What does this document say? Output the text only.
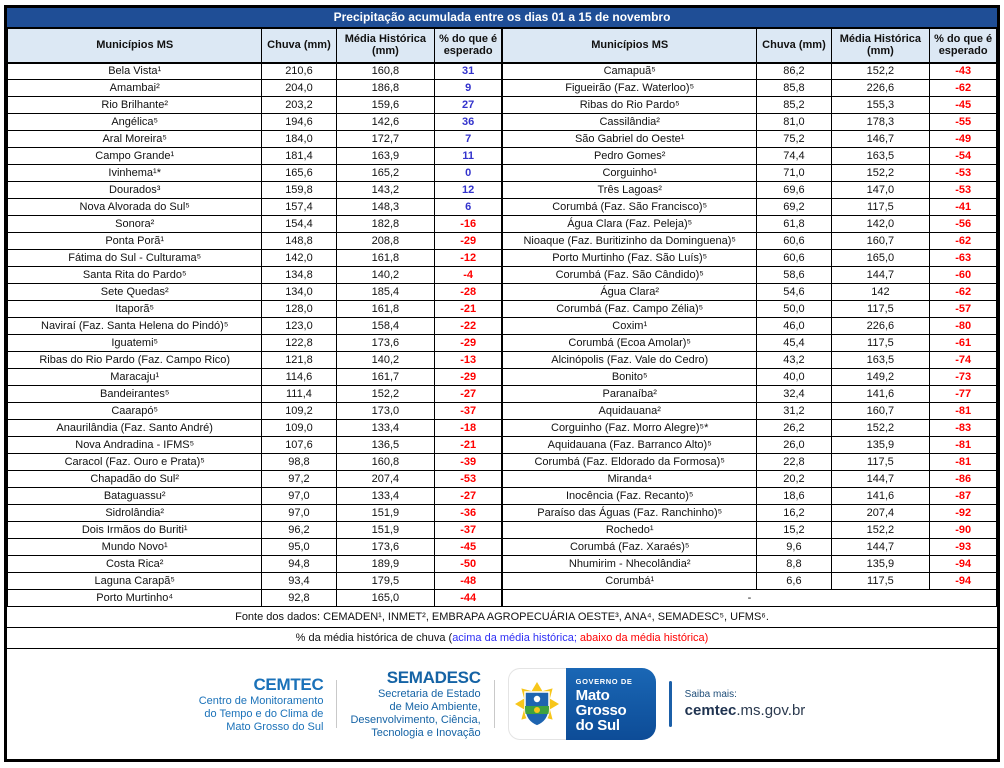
Precipitação acumulada entre os dias 01 a 15 de novembro
Municípios MS	Chuva (mm)	Média Histórica (mm)	% do que é esperado
Bela Vista¹	210,6	160,8	31
Amambai²	204,0	186,8	9
Rio Brilhante²	203,2	159,6	27
Angélica⁵	194,6	142,6	36
Aral Moreira⁵	184,0	172,7	7
Campo Grande¹	181,4	163,9	11
Ivinhema¹*	165,6	165,2	0
Dourados³	159,8	143,2	12
Nova Alvorada do Sul⁵	157,4	148,3	6
Sonora²	154,4	182,8	-16
Ponta Porã¹	148,8	208,8	-29
Fátima do Sul - Culturama⁵	142,0	161,8	-12
Santa Rita do Pardo⁵	134,8	140,2	-4
Sete Quedas²	134,0	185,4	-28
Itaporã⁵	128,0	161,8	-21
Naviraí (Faz. Santa Helena do Pindó)⁵	123,0	158,4	-22
Iguatemi⁵	122,8	173,6	-29
Ribas do Rio Pardo (Faz. Campo Rico)	121,8	140,2	-13
Maracaju¹	114,6	161,7	-29
Bandeirantes⁵	111,4	152,2	-27
Caarapó⁵	109,2	173,0	-37
Anaurilândia (Faz. Santo André)	109,0	133,4	-18
Nova Andradina - IFMS⁵	107,6	136,5	-21
Caracol (Faz. Ouro e Prata)⁵	98,8	160,8	-39
Chapadão do Sul²	97,2	207,4	-53
Bataguassu²	97,0	133,4	-27
Sidrolândia²	97,0	151,9	-36
Dois Irmãos do Buriti¹	96,2	151,9	-37
Mundo Novo¹	95,0	173,6	-45
Costa Rica²	94,8	189,9	-50
Laguna Carapã⁵	93,4	179,5	-48
Porto Murtinho⁴	92,8	165,0	-44
Municípios MS	Chuva (mm)	Média Histórica (mm)	% do que é esperado
Camapuã⁵	86,2	152,2	-43
Figueirão (Faz. Waterloo)⁵	85,8	226,6	-62
Ribas do Rio Pardo⁵	85,2	155,3	-45
Cassilândia²	81,0	178,3	-55
São Gabriel do Oeste¹	75,2	146,7	-49
Pedro Gomes²	74,4	163,5	-54
Corguinho¹	71,0	152,2	-53
Três Lagoas²	69,6	147,0	-53
Corumbá (Faz. São Francisco)⁵	69,2	117,5	-41
Água Clara (Faz. Peleja)⁵	61,8	142,0	-56
Nioaque (Faz. Buritizinho da Dominguena)⁵	60,6	160,7	-62
Porto Murtinho (Faz. São Luís)⁵	60,6	165,0	-63
Corumbá (Faz. São Cândido)⁵	58,6	144,7	-60
Água Clara²	54,6	142	-62
Corumbá (Faz. Campo Zélia)⁵	50,0	117,5	-57
Coxim¹	46,0	226,6	-80
Corumbá (Ecoa Amolar)⁵	45,4	117,5	-61
Alcinópolis (Faz. Vale do Cedro)	43,2	163,5	-74
Bonito⁵	40,0	149,2	-73
Paranaíba²	32,4	141,6	-77
Aquidauana²	31,2	160,7	-81
Corguinho (Faz. Morro Alegre)⁵*	26,2	152,2	-83
Aquidauana (Faz. Barranco Alto)⁵	26,0	135,9	-81
Corumbá (Faz. Eldorado da Formosa)⁵	22,8	117,5	-81
Miranda⁴	20,2	144,7	-86
Inocência (Faz. Recanto)⁵	18,6	141,6	-87
Paraíso das Águas (Faz. Ranchinho)⁵	16,2	207,4	-92
Rochedo¹	15,2	152,2	-90
Corumbá (Faz. Xaraés)⁵	9,6	144,7	-93
Nhumirim - Nhecolândia²	8,8	135,9	-94
Corumbá¹	6,6	117,5	-94
-			
Fonte dos dados: CEMADEN¹, INMET², EMBRAPA AGROPECUÁRIA OESTE³, ANA⁴, SEMADESC⁵, UFMS⁶.
% da média histórica de chuva (acima da média histórica; abaixo da média histórica)
CEMTEC
Centro de Monitoramento
do Tempo e do Clima de
Mato Grosso do Sul
SEMADESC
Secretaria de Estado
de Meio Ambiente,
Desenvolvimento, Ciência,
Tecnologia e Inovação
GOVERNO DE
Mato
Grosso
do Sul
Saiba mais:
cemtec.ms.gov.br
